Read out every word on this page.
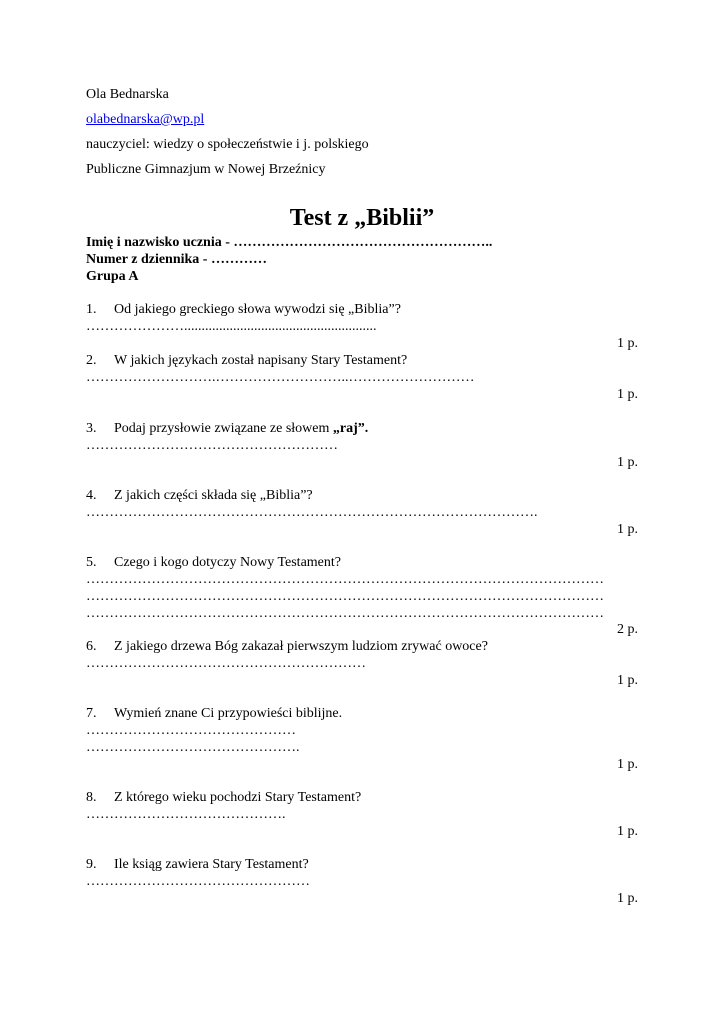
Ola Bednarska
olabednarska@wp.pl
nauczyciel: wiedzy o społeczeństwie i j. polskiego
Publiczne Gimnazjum w Nowej Brzeźnicy
Test z „Biblii”
Imię i nazwisko ucznia - ………………………………………………..
Numer z dziennika - …………
Grupa A
1. Od jakiego greckiego słowa wywodzi się „Biblia”?
………………….......................................................
1 p.
2. W jakich językach został napisany Stary Testament?
……………………….………………………..………………………
1 p.
3. Podaj przysłowie związane ze słowem „raj”.
………………………………………………
1 p.
4. Z jakich części składa się „Biblia”?
…………………………………………………………………………………….
1 p.
5. Czego i kogo dotyczy Nowy Testament?
…………………………………………………………………………………………………
…………………………………………………………………………………………………
…………………………………………………………………………………………………
2 p.
6. Z jakiego drzewa Bóg zakazał pierwszym ludziom zrywać owoce?
……………………………………………………
1 p.
7. Wymień znane Ci przypowieści biblijne.
………………………………………
……………………………………….
1 p.
8. Z którego wieku pochodzi Stary Testament?
…………………………………….
1 p.
9. Ile ksiąg zawiera Stary Testament?
…………………………………………
1 p.
